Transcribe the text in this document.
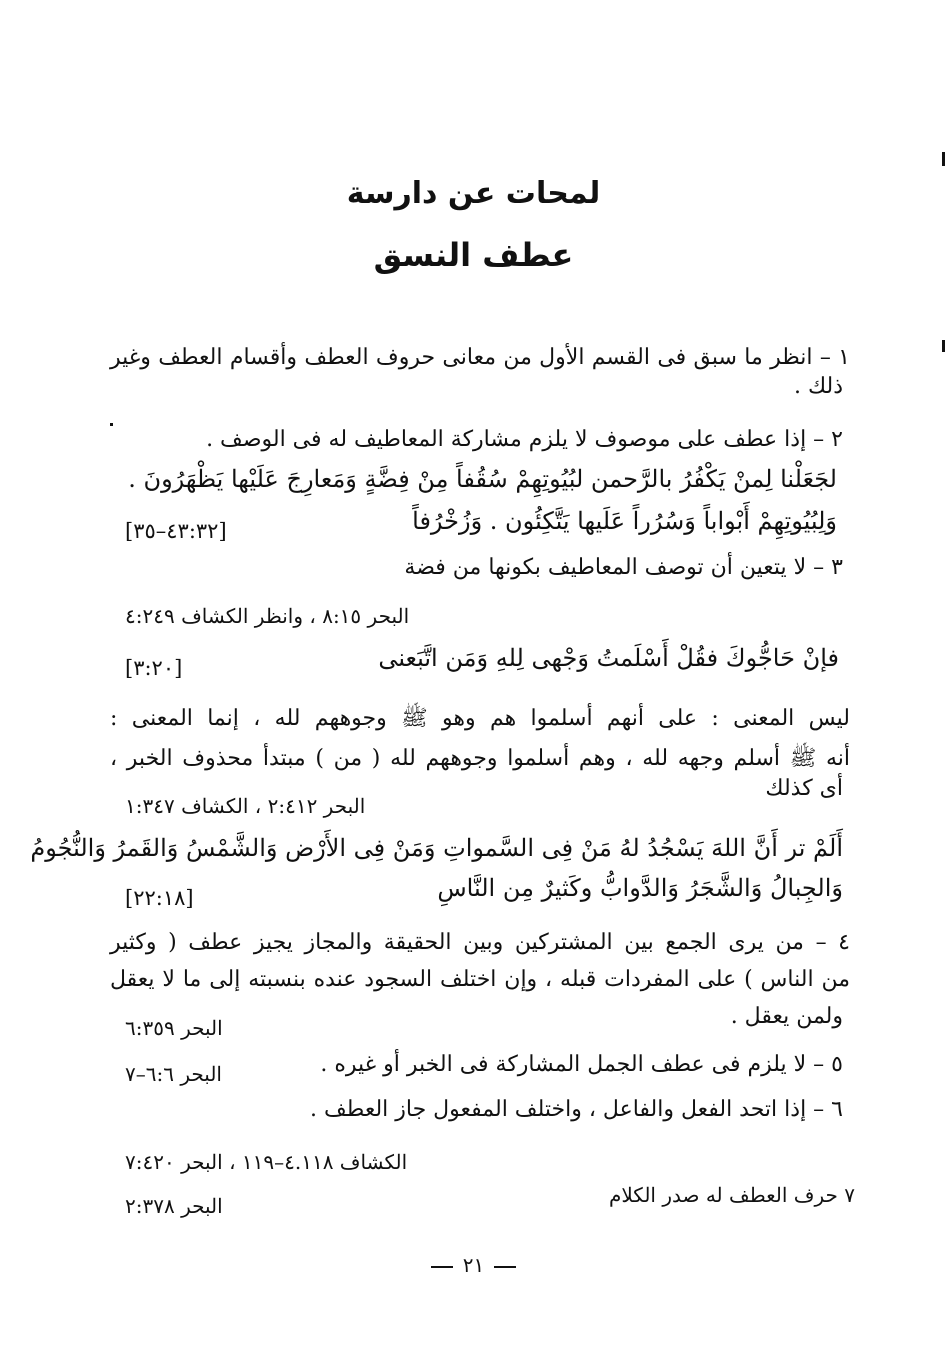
لمحات عن دارسة
عطف النسق
١ – انظر ما سبق فى القسم الأول من معانى حروف العطف وأقسام العطف وغير
ذلك .
٢ – إذا عطف على موصوف لا يلزم مشاركة المعاطيف له فى الوصف .
لجَعَلْنا لِمنْ يَكْفُرُ بالرَّحمن لبُيُوتِهِمْ سُقُفاً مِنْ فِضَّةٍ وَمَعارِجَ عَلَيْها يَظْهَرُونَ .
وَلِبُيُوتِهِمْ أَبْواباً وَسُرُراً عَلَيها يَتَّكِئُون . وَزُخْرُفاً
[٤٣:٣٢–٣٥]
٣ – لا يتعين أن توصف المعاطيف بكونها من فضة
البحر ٨:١٥ ، وانظر الكشاف ٤:٢٤٩
فإنْ حَاجُّوكَ فقُلْ أَسْلَمتُ وَجْهى لِلهِ وَمَن اتَّبَعنى
[٣:٢٠]
ليس المعنى : على أنهم أسلموا هم وهو ﷺ وجوههم لله ، إنما المعنى :
أنه ﷺ أسلم وجهه لله ، وهم أسلموا وجوههم لله ( من ) مبتدأ محذوف الخبر ،
أى كذلك
البحر ٢:٤١٢ ، الكشاف ١:٣٤٧
أَلَمْ تر أَنَّ اللهَ يَسْجُدُ لهُ مَنْ فِى السَّمواتِ وَمَنْ فِى الأَرْض وَالشَّمْسُ وَالقَمرُ وَالنُّجُومُ
وَالجِبالُ وَالشَّجَرُ وَالدَّوابُّ وكَثيرٌ مِن النَّاسِ
[٢٢:١٨]
٤ – من يرى الجمع بين المشتركين وبين الحقيقة والمجاز يجيز عطف ( وكثير
من الناس ) على المفردات قبله ، وإن اختلف السجود عنده بنسبته إلى ما لا يعقل
ولمن يعقل .
البحر ٦:٣٥٩
٥ – لا يلزم فى عطف الجمل المشاركة فى الخبر أو غيره .
البحر ٦:٦–٧
٦ – إذا اتحد الفعل والفاعل ، واختلف المفعول جاز العطف .
الكشاف ٤.١١٨–١١٩ ، البحر ٧:٤٢٠
٧ حرف العطف له صدر الكلام
البحر ٢:٣٧٨
٢١
